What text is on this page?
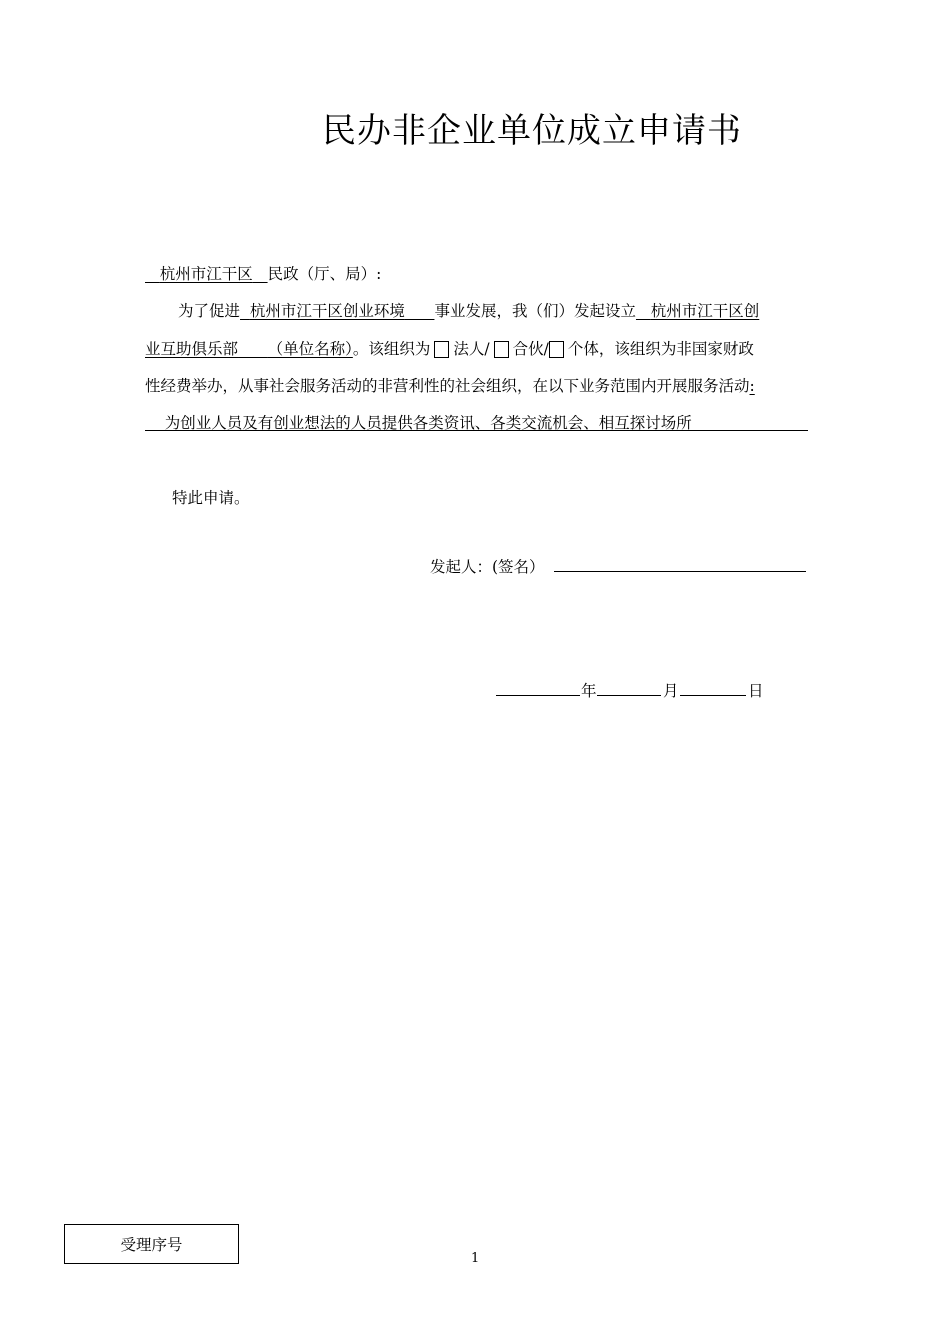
民办非企业单位成立申请书
杭州市江干区 民政（厅、局）:
为了促进 杭州市江干区创业环境 事业发展，我（们）发起设立 杭州市江干区创
业互助俱乐部 （单位名称）。该组织为 法人/ 合伙/ 个体，该组织为非国家财政
性经费举办，从事社会服务活动的非营利性的社会组织，在以下业务范围内开展服务活动:
为创业人员及有创业想法的人员提供各类资讯、各类交流机会、相互探讨场所
特此申请。
发起人：(签名）
年	月	日
受理序号
1
